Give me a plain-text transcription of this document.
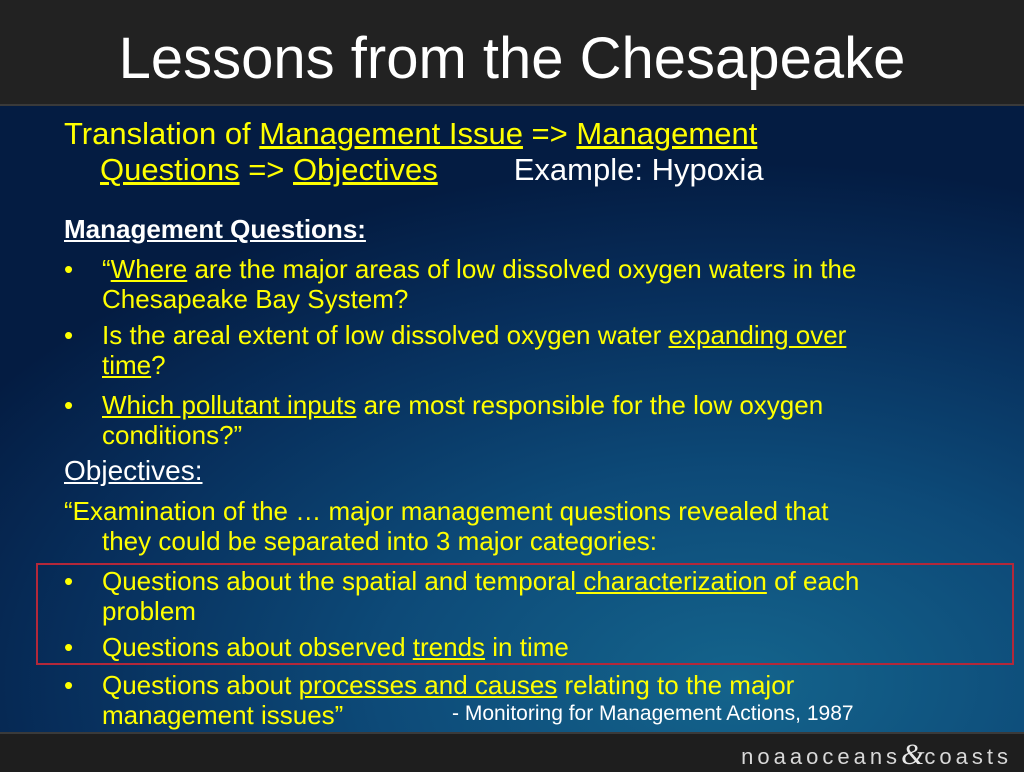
Lessons from the Chesapeake
Translation of Management Issue => Management
Questions => Objectives Example: Hypoxia
Management Questions:
• “Where are the major areas of low dissolved oxygen waters in the
Chesapeake Bay System?
• Is the areal extent of low dissolved oxygen water expanding over
time?
• Which pollutant inputs are most responsible for the low oxygen
conditions?”
Objectives:
“Examination of the … major management questions revealed that
they could be separated into 3 major categories:
• Questions about the spatial and temporal characterization of each
problem
• Questions about observed trends in time
• Questions about processes and causes relating to the major
management issues”	- Monitoring for Management Actions, 1987
noaaoceans&coasts
